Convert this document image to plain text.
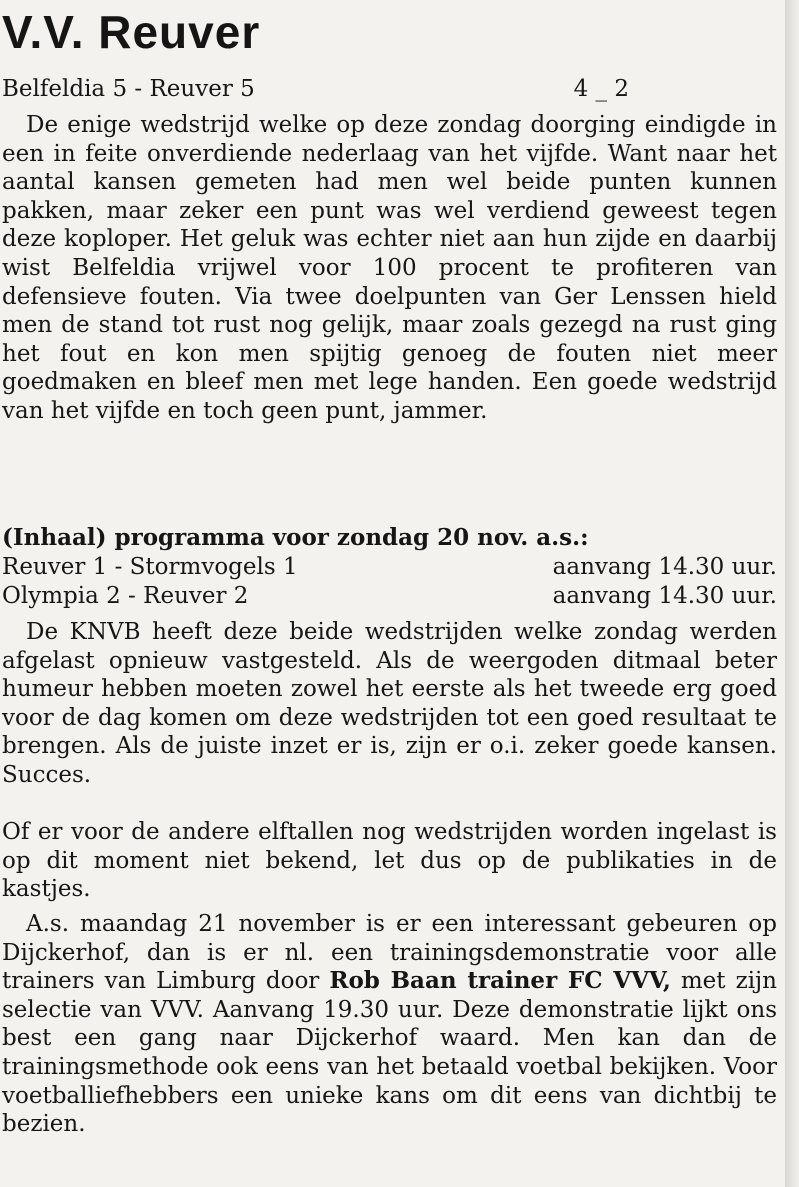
V.V. Reuver
Belfeldia 5 - Reuver 5	4 _ 2

De enige wedstrijd welke op deze zondag doorging eindigde in een in feite onverdiende nederlaag van het vijfde. Want naar het aantal kansen gemeten had men wel beide punten kunnen pakken, maar zeker een punt was wel verdiend geweest tegen deze koploper. Het geluk was echter niet aan hun zijde en daarbij wist Belfeldia vrijwel voor 100 procent te profiteren van defensieve fouten. Via twee doelpunten van Ger Lenssen hield men de stand tot rust nog gelijk, maar zoals gezegd na rust ging het fout en kon men spijtig genoeg de fouten niet meer goedmaken en bleef men met lege handen. Een goede wedstrijd van het vijfde en toch geen punt, jammer.

(Inhaal) programma voor zondag 20 nov. a.s.:
Reuver 1 - Stormvogels 1	aanvang 14.30 uur.
Olympia 2 - Reuver 2	aanvang 14.30 uur.

De KNVB heeft deze beide wedstrijden welke zondag werden afgelast opnieuw vastgesteld. Als de weergoden ditmaal beter humeur hebben moeten zowel het eerste als het tweede erg goed voor de dag komen om deze wedstrijden tot een goed resultaat te brengen. Als de juiste inzet er is, zijn er o.i. zeker goede kansen. Succes.

Of er voor de andere elftallen nog wedstrijden worden ingelast is op dit moment niet bekend, let dus op de publikaties in de kastjes.

A.s. maandag 21 november is er een interessant gebeuren op Dijckerhof, dan is er nl. een trainingsdemonstratie voor alle trainers van Limburg door Rob Baan trainer FC VVV, met zijn selectie van VVV. Aanvang 19.30 uur. Deze demonstratie lijkt ons best een gang naar Dijckerhof waard. Men kan dan de trainingsmethode ook eens van het betaald voetbal bekijken. Voor voetballiefhebbers een unieke kans om dit eens van dichtbij te bezien.
